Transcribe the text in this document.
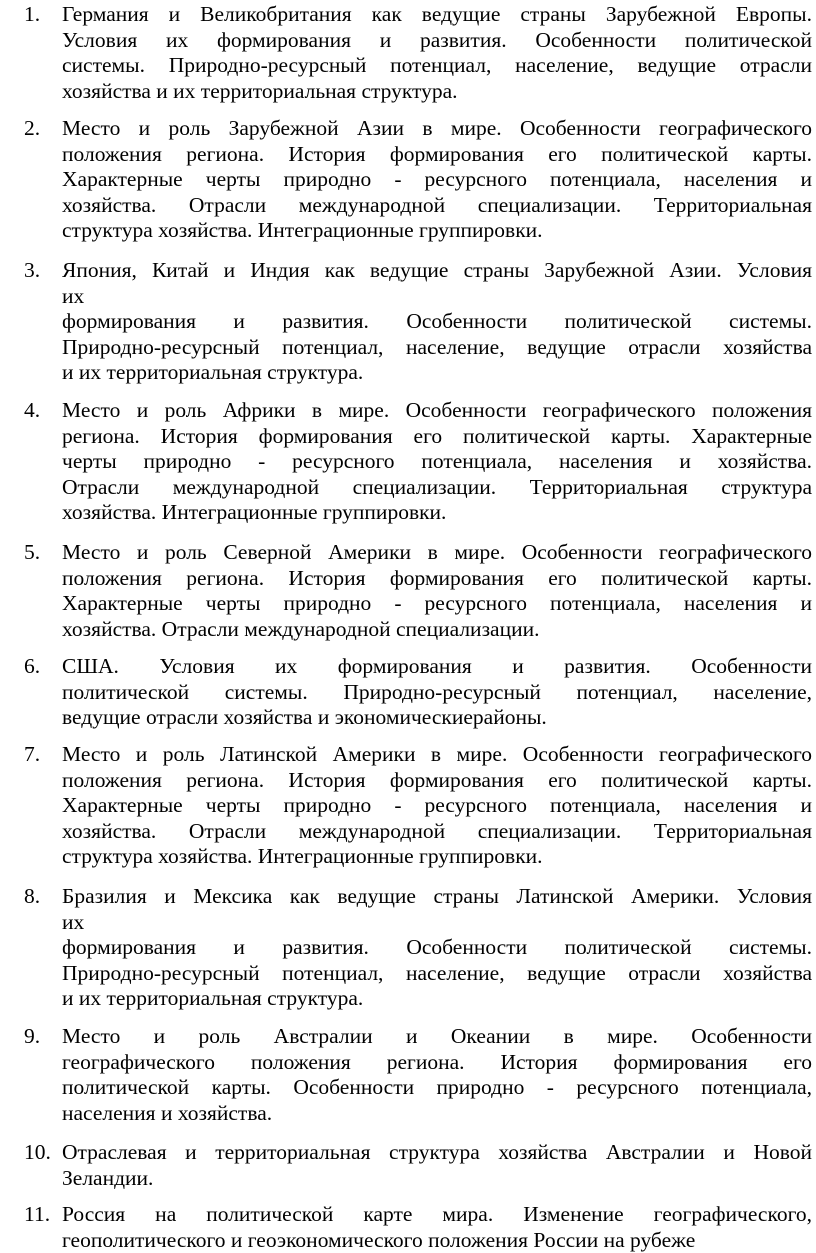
1. Германия и Великобритания как ведущие страны Зарубежной Европы.
Условия их формирования и развития. Особенности политической
системы. Природно-ресурсный потенциал, население, ведущие отрасли
хозяйства и их территориальная структура.
2. Место и роль Зарубежной Азии в мире. Особенности географического
положения региона. История формирования его политической карты.
Характерные черты природно - ресурсного потенциала, населения и
хозяйства. Отрасли международной специализации. Территориальная
структура хозяйства. Интеграционные группировки.
3. Япония, Китай и Индия как ведущие страны Зарубежной Азии. Условия
их
формирования и развития. Особенности политической системы.
Природно-ресурсный потенциал, население, ведущие отрасли хозяйства
и их территориальная структура.
4. Место и роль Африки в мире. Особенности географического положения
региона. История формирования его политической карты. Характерные
черты природно - ресурсного потенциала, населения и хозяйства.
Отрасли международной специализации. Территориальная структура
хозяйства. Интеграционные группировки.
5. Место и роль Северной Америки в мире. Особенности географического
положения региона. История формирования его политической карты.
Характерные черты природно - ресурсного потенциала, населения и
хозяйства. Отрасли международной специализации.
6. США. Условия их формирования и развития. Особенности
политической системы. Природно-ресурсный потенциал, население,
ведущие отрасли хозяйства и экономическиерайоны.
7. Место и роль Латинской Америки в мире. Особенности географического
положения региона. История формирования его политической карты.
Характерные черты природно - ресурсного потенциала, населения и
хозяйства. Отрасли международной специализации. Территориальная
структура хозяйства. Интеграционные группировки.
8. Бразилия и Мексика как ведущие страны Латинской Америки. Условия
их
формирования и развития. Особенности политической системы.
Природно-ресурсный потенциал, население, ведущие отрасли хозяйства
и их территориальная структура.
9. Место и роль Австралии и Океании в мире. Особенности
географического положения региона. История формирования его
политической карты. Особенности природно - ресурсного потенциала,
населения и хозяйства.
10. Отраслевая и территориальная структура хозяйства Австралии и Новой
Зеландии.
11. Россия на политической карте мира. Изменение географического,
геополитического и геоэкономического положения России на рубеже
